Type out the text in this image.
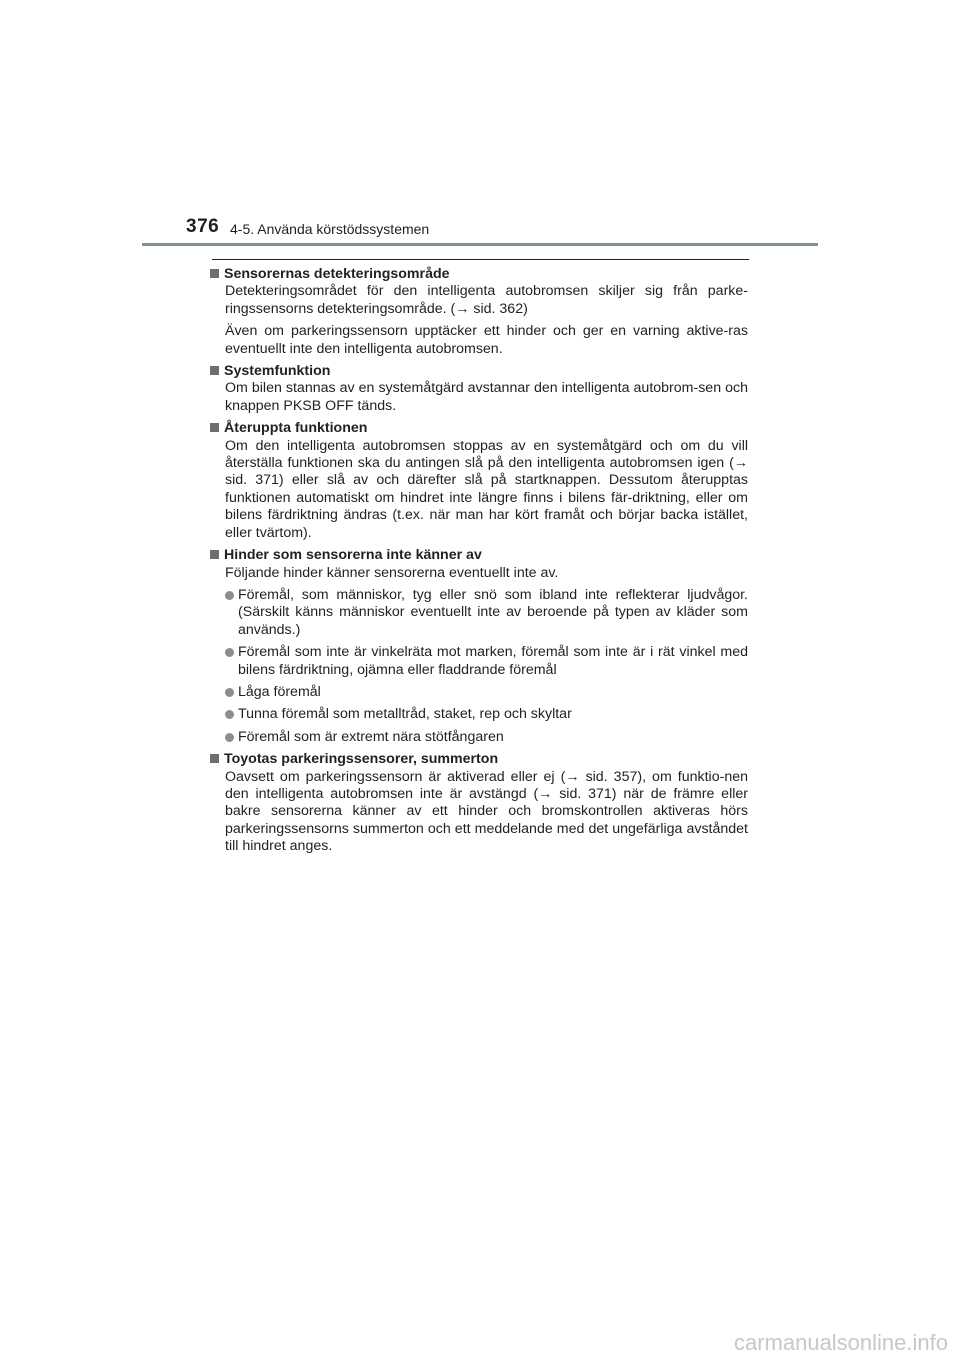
376 4-5. Använda körstödssystemen
Sensorernas detekteringsområde
Detekteringsområdet för den intelligenta autobromsen skiljer sig från parke-ringssensorns detekteringsområde. (→ sid. 362)
Även om parkeringssensorn upptäcker ett hinder och ger en varning aktive-ras eventuellt inte den intelligenta autobromsen.
Systemfunktion
Om bilen stannas av en systemåtgärd avstannar den intelligenta autobrom-sen och knappen PKSB OFF tänds.
Återuppta funktionen
Om den intelligenta autobromsen stoppas av en systemåtgärd och om du vill återställa funktionen ska du antingen slå på den intelligenta autobromsen igen (→ sid. 371) eller slå av och därefter slå på startknappen. Dessutom återupptas funktionen automatiskt om hindret inte längre finns i bilens fär-driktning, eller om bilens färdriktning ändras (t.ex. när man har kört framåt och börjar backa istället, eller tvärtom).
Hinder som sensorerna inte känner av
Följande hinder känner sensorerna eventuellt inte av.
Föremål, som människor, tyg eller snö som ibland inte reflekterar ljudvågor. (Särskilt känns människor eventuellt inte av beroende på typen av kläder som används.)
Föremål som inte är vinkelräta mot marken, föremål som inte är i rät vinkel med bilens färdriktning, ojämna eller fladdrande föremål
Låga föremål
Tunna föremål som metalltråd, staket, rep och skyltar
Föremål som är extremt nära stötfångaren
Toyotas parkeringssensorer, summerton
Oavsett om parkeringssensorn är aktiverad eller ej (→ sid. 357), om funktio-nen den intelligenta autobromsen inte är avstängd (→ sid. 371) när de främre eller bakre sensorerna känner av ett hinder och bromskontrollen aktiveras hörs parkeringssensorns summerton och ett meddelande med det ungefärliga avståndet till hindret anges.
carmanualsonline.info
